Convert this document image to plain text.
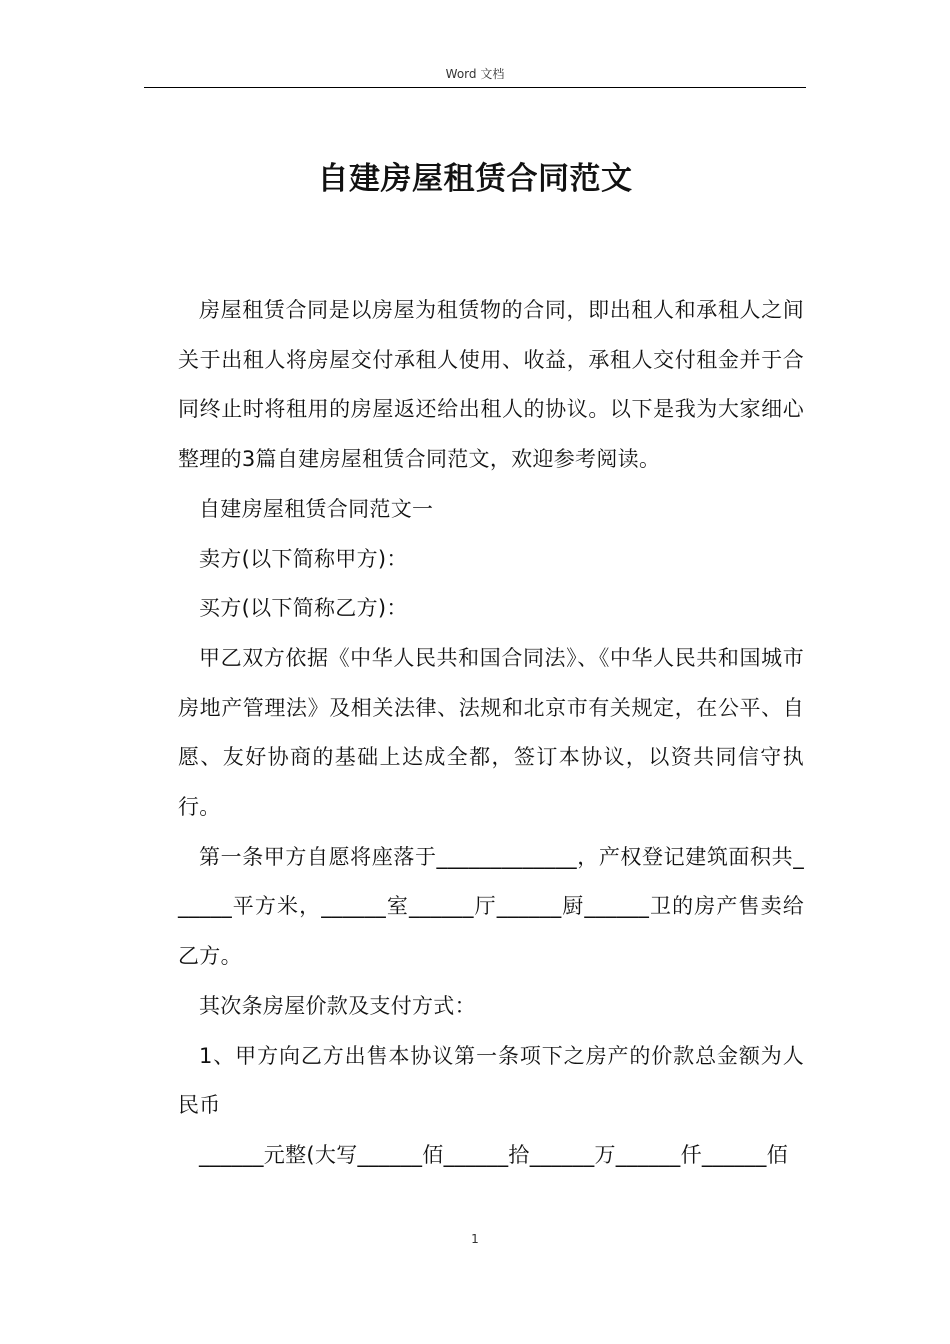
Word 文档
自建房屋租赁合同范文

房屋租赁合同是以房屋为租赁物的合同，即出租人和承租人之间关于出租人将房屋交付承租人使用、收益，承租人交付租金并于合同终止时将租用的房屋返还给出租人的协议。以下是我为大家细心整理的3篇自建房屋租赁合同范文，欢迎参考阅读。

自建房屋租赁合同范文一

卖方(以下简称甲方)：

买方(以下简称乙方)：

甲乙双方依据《中华人民共和国合同法》、《中华人民共和国城市房地产管理法》及相关法律、法规和北京市有关规定，在公平、自愿、友好协商的基础上达成全都，签订本协议，以资共同信守执行。

第一条甲方自愿将座落于_____________，产权登记建筑面积共______平方米，______室______厅______厨______卫的房产售卖给乙方。

其次条房屋价款及支付方式：

1、甲方向乙方出售本协议第一条项下之房产的价款总金额为人民币

______元整(大写______佰______拾______万______仟______佰

1
